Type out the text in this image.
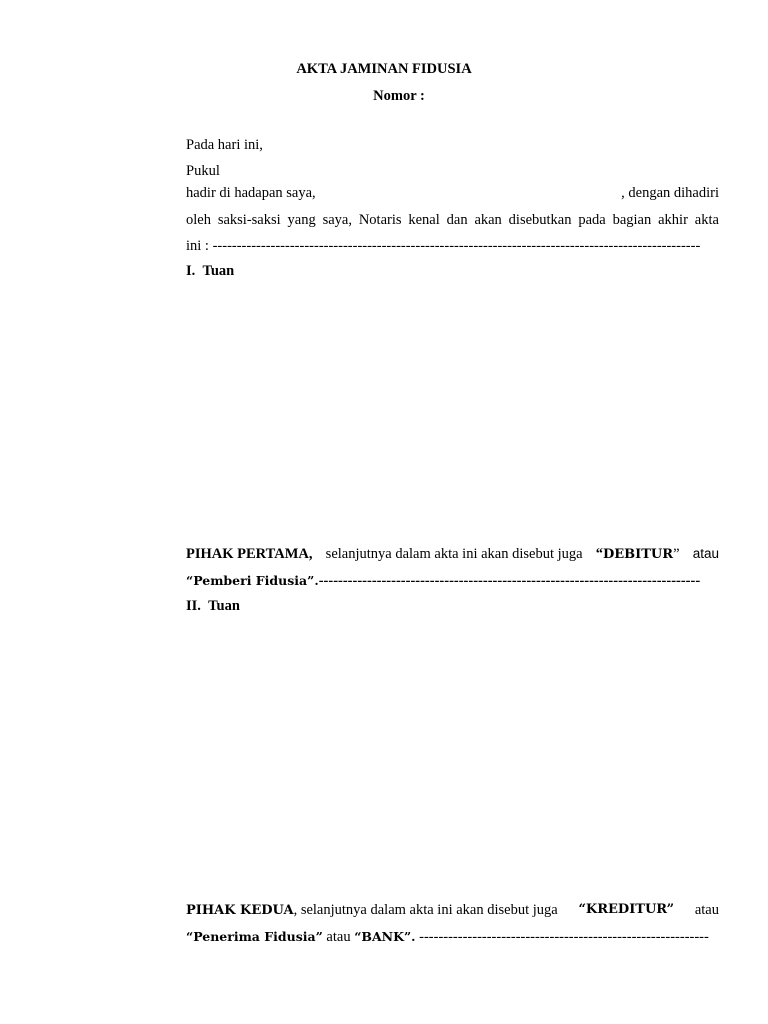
AKTA JAMINAN FIDUSIA
Nomor :
Pada hari ini,
Pukul
hadir di hadapan saya,	, dengan dihadiri
oleh saksi-saksi yang saya, Notaris kenal dan akan disebutkan pada bagian akhir akta
ini : -----------------------------------------------------------------------------------------------------
I. Tuan
PIHAK PERTAMA, selanjutnya dalam akta ini akan disebut juga “DEBITUR” atau
“Pemberi Fidusia”.-------------------------------------------------------------------------------
II. Tuan
PIHAK KEDUA, selanjutnya dalam akta ini akan disebut juga “KREDITUR” atau
“Penerima Fidusia” atau “BANK”. ------------------------------------------------------------
